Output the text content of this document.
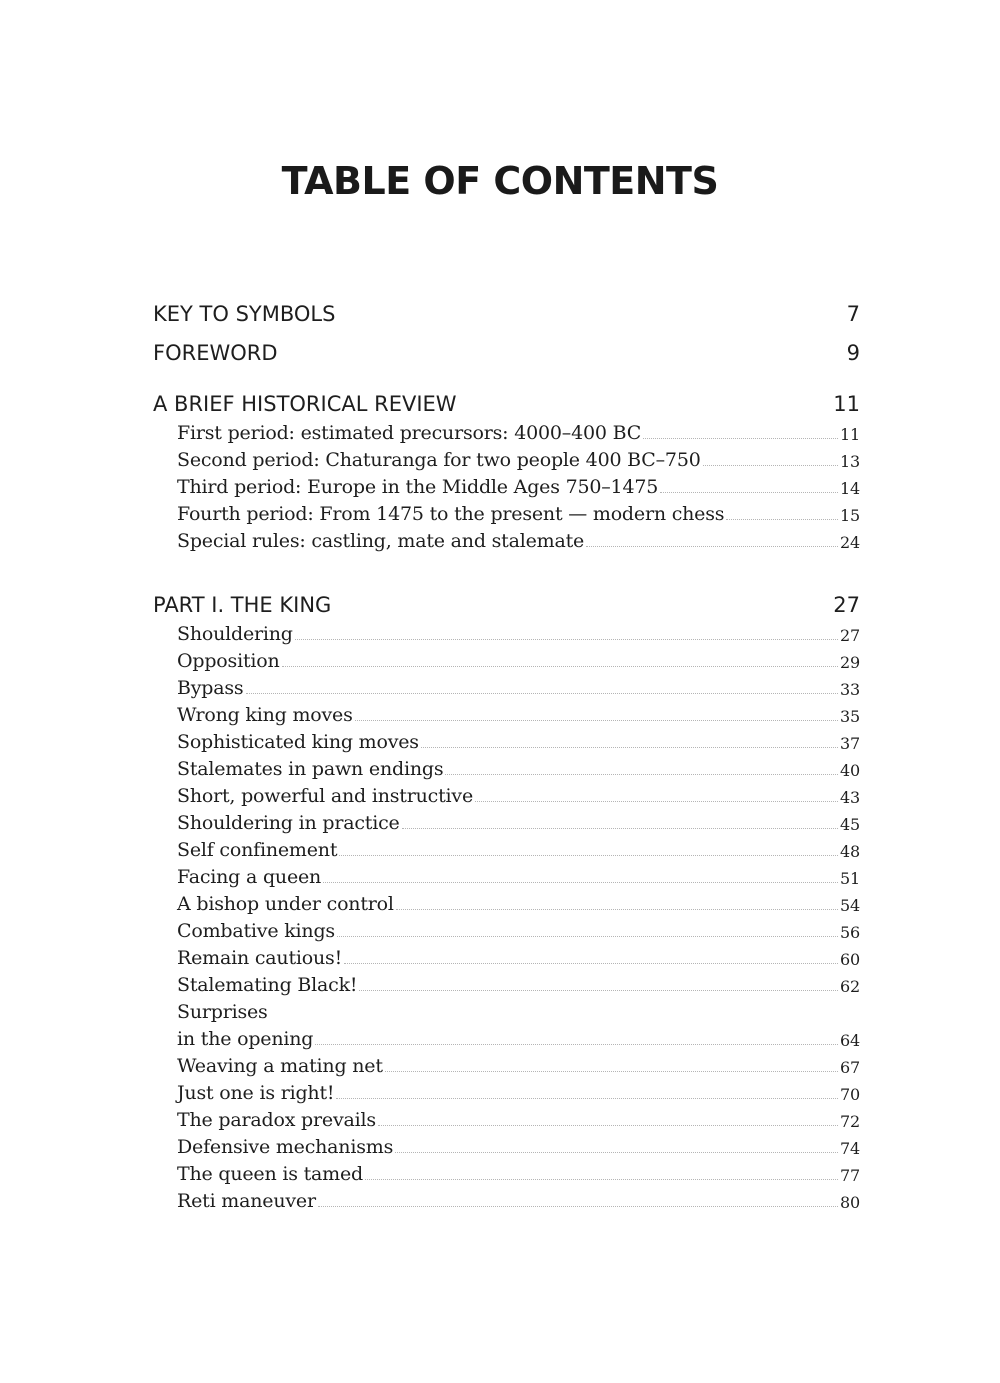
TABLE OF CONTENTS
KEY TO SYMBOLS	7
FOREWORD	9
A BRIEF HISTORICAL REVIEW	11
First period: estimated precursors: 4000–400 BC	11
Second period: Chaturanga for two people 400 BC–750	13
Third period: Europe in the Middle Ages 750–1475	14
Fourth period: From 1475 to the present — modern chess	15
Special rules: castling, mate and stalemate	24
PART I. THE KING	27
Shouldering	27
Opposition	29
Bypass	33
Wrong king moves	35
Sophisticated king moves	37
Stalemates in pawn endings	40
Short, powerful and instructive	43
Shouldering in practice	45
Self confinement	48
Facing a queen	51
A bishop under control	54
Combative kings	56
Remain cautious!	60
Stalemating Black!	62
Surprises
in the opening	64
Weaving a mating net	67
Just one is right!	70
The paradox prevails	72
Defensive mechanisms	74
The queen is tamed	77
Reti maneuver	80
